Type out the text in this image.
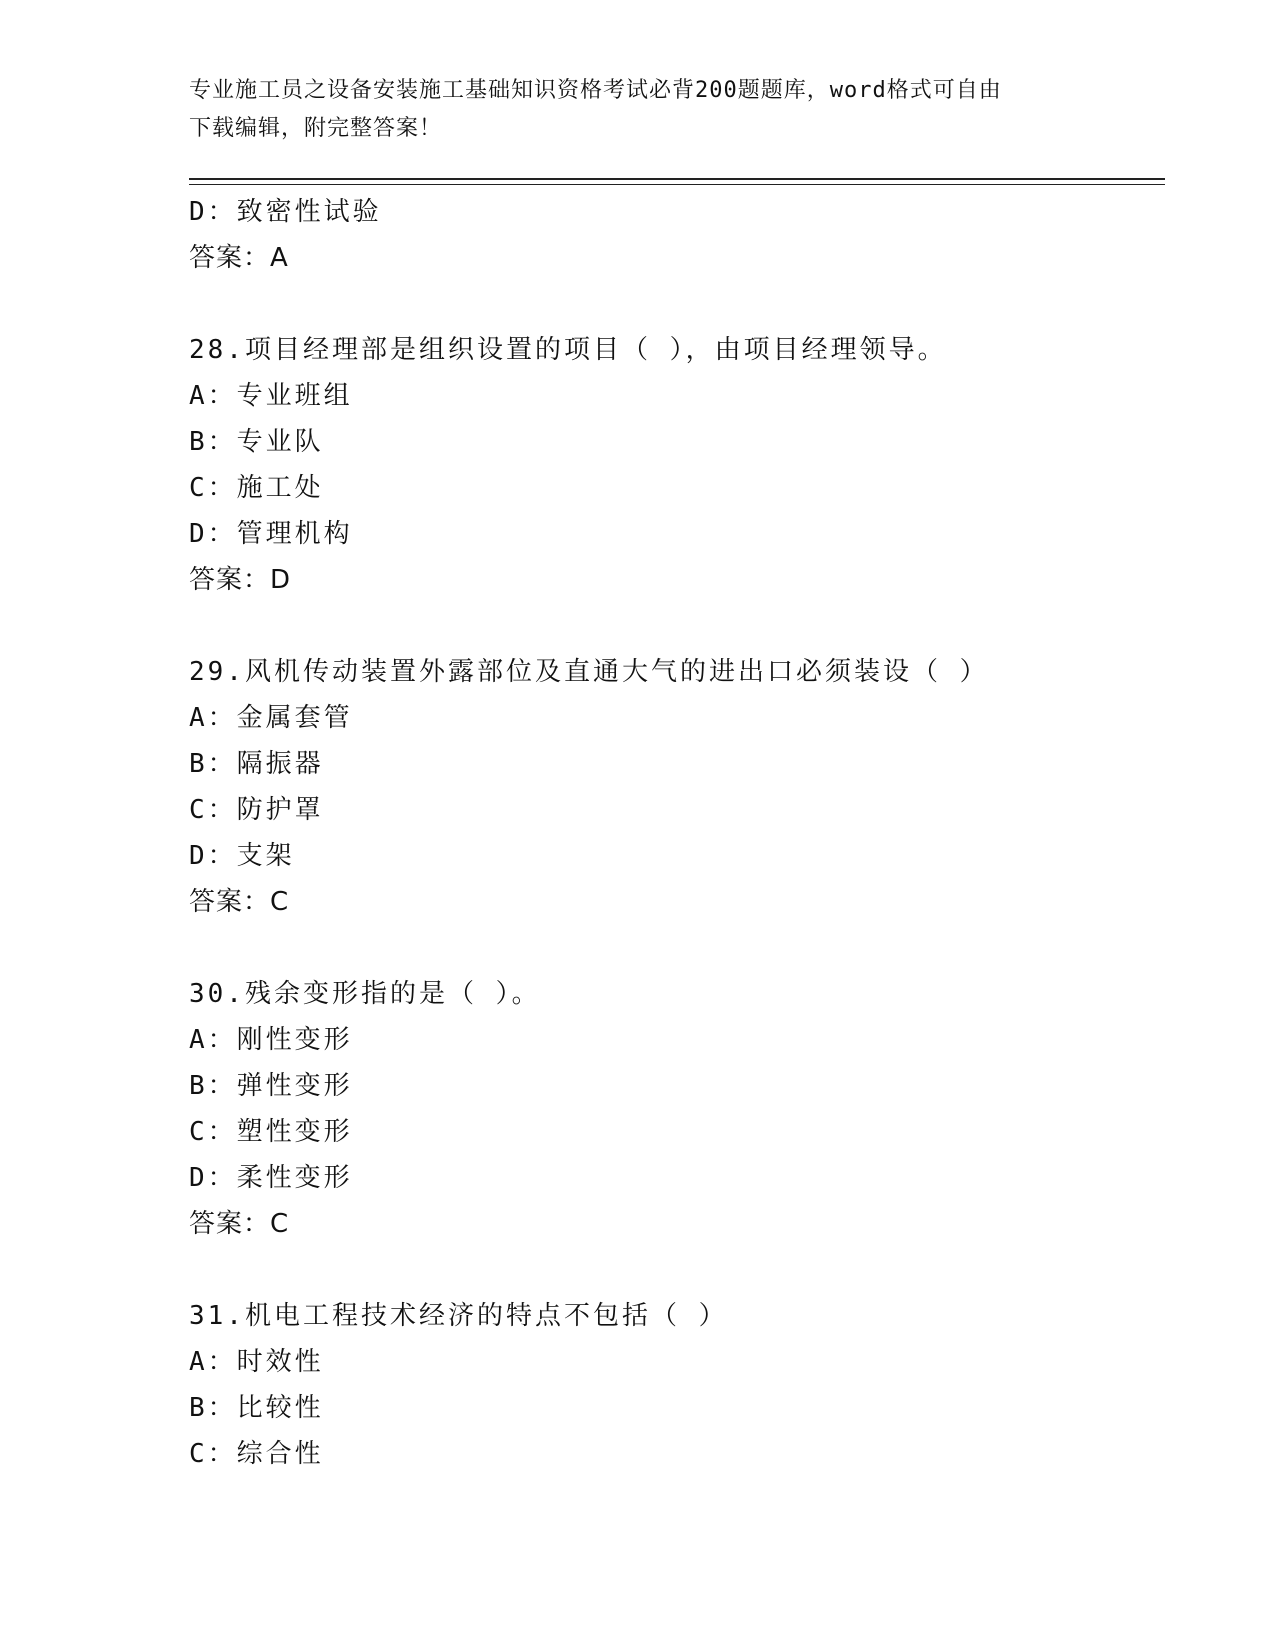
专业施工员之设备安装施工基础知识资格考试必背200题题库，word格式可自由
下载编辑，附完整答案！
D：致密性试验
答案：A
28.项目经理部是组织设置的项目（ ），由项目经理领导。
A：专业班组
B：专业队
C：施工处
D：管理机构
答案：D
29.风机传动装置外露部位及直通大气的进出口必须装设（ ）
A：金属套管
B：隔振器
C：防护罩
D：支架
答案：C
30.残余变形指的是（ ）。
A：刚性变形
B：弹性变形
C：塑性变形
D：柔性变形
答案：C
31.机电工程技术经济的特点不包括（ ）
A：时效性
B：比较性
C：综合性
